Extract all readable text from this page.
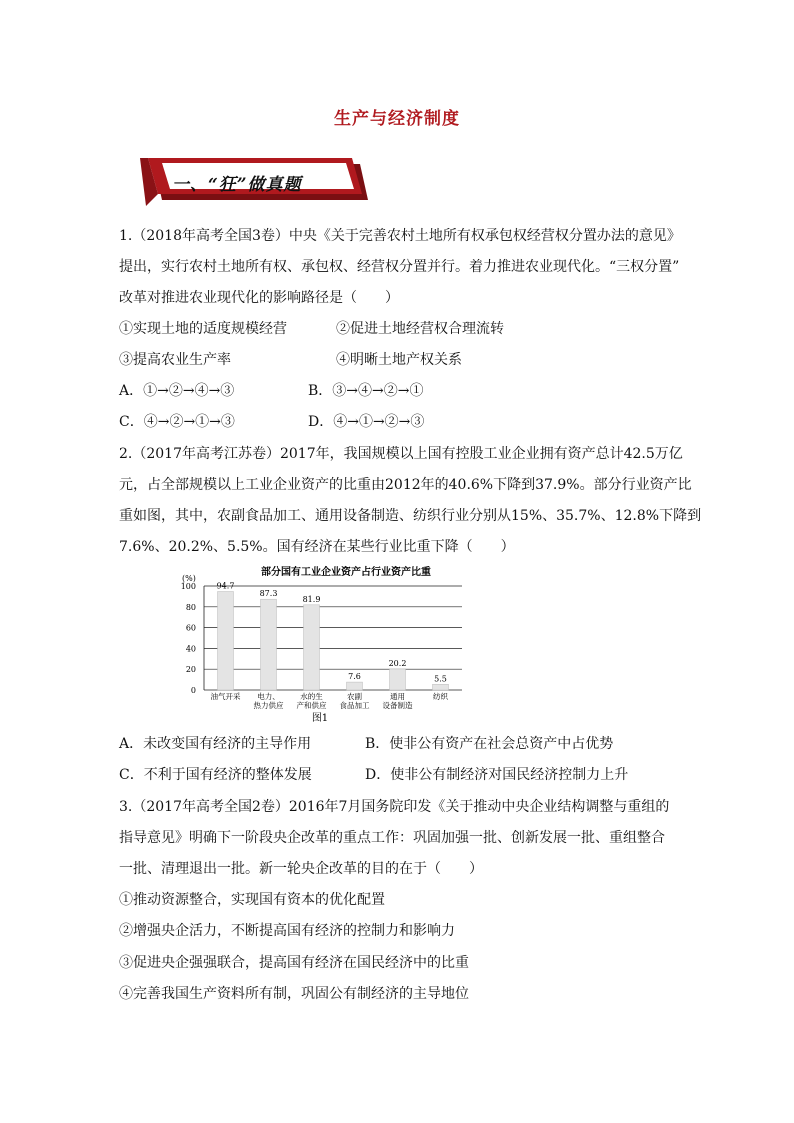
生产与经济制度
一、“狂”做真题
1.（2018年高考全国3卷）中央《关于完善农村土地所有权承包权经营权分置办法的意见》
提出，实行农村土地所有权、承包权、经营权分置并行。着力推进农业现代化。“三权分置”
改革对推进农业现代化的影响路径是（　　）
①实现土地的适度规模经营	②促进土地经营权合理流转
③提高农业生产率	④明晰土地产权关系
A．①→②→④→③	B．③→④→②→①
C．④→②→①→③	D．④→①→②→③
2.（2017年高考江苏卷）2017年，我国规模以上国有控股工业企业拥有资产总计42.5万亿
元，占全部规模以上工业企业资产的比重由2012年的40.6%下降到37.9%。部分行业资产比
重如图，其中，农副食品加工、通用设备制造、纺织行业分别从15%、35.7%、12.8%下降到
7.6%、20.2%、5.5%。国有经济在某些行业比重下降（　　）
部分国有工业企业资产占行业资产比重
(%)
0
20
40
60
80
100	94.7
油气开采
87.3
电力、
热力供应
81.9
水的生
产和供应
7.6
农副
食品加工
20.2
通用
设备制造
5.5
纺织
图1
A．未改变国有经济的主导作用	B．使非公有资产在社会总资产中占优势
C．不利于国有经济的整体发展	D．使非公有制经济对国民经济控制力上升
3.（2017年高考全国2卷）2016年7月国务院印发《关于推动中央企业结构调整与重组的
指导意见》明确下一阶段央企改革的重点工作：巩固加强一批、创新发展一批、重组整合
一批、清理退出一批。新一轮央企改革的目的在于（　　）
①推动资源整合，实现国有资本的优化配置
②增强央企活力，不断提高国有经济的控制力和影响力
③促进央企强强联合，提高国有经济在国民经济中的比重
④完善我国生产资料所有制，巩固公有制经济的主导地位
